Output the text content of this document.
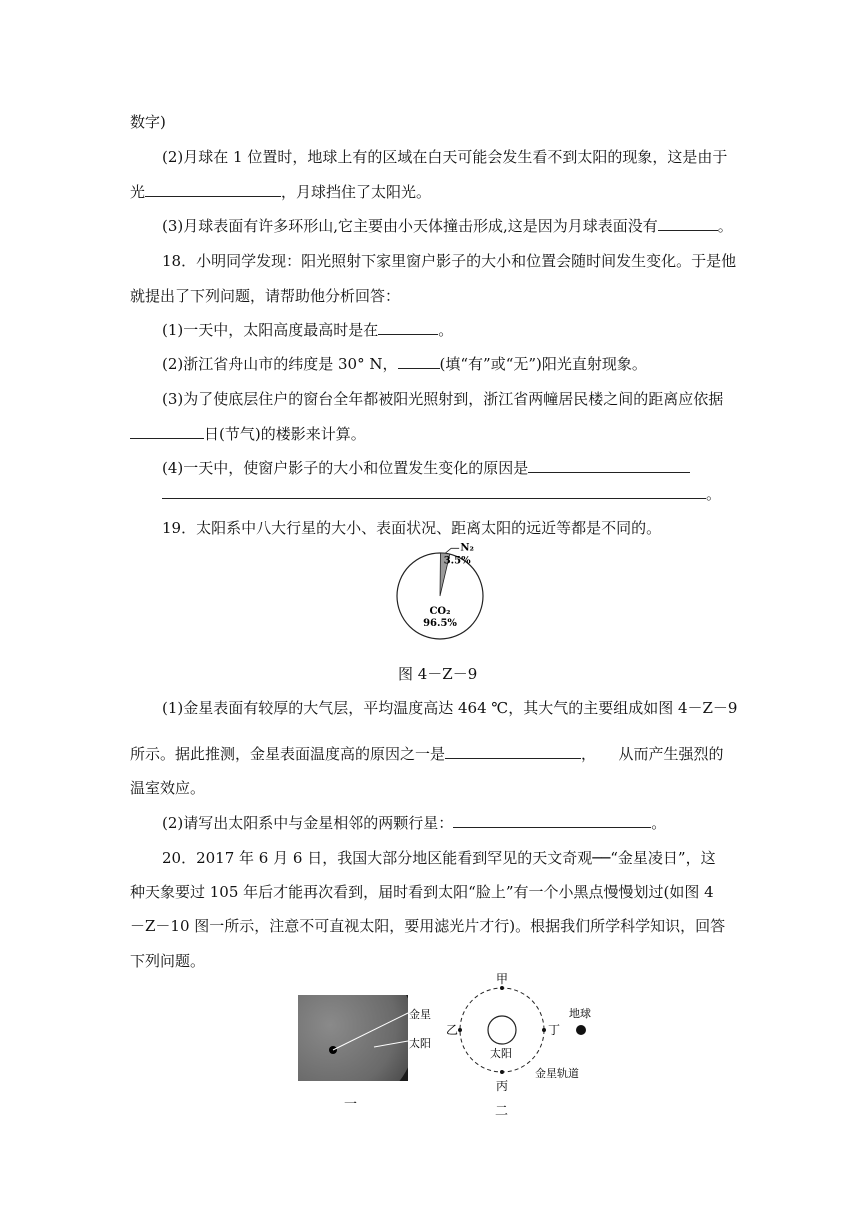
数字)
(2)月球在 1 位置时，地球上有的区域在白天可能会发生看不到太阳的现象，这是由于
光	，月球挡住了太阳光。
(3)月球表面有许多环形山,它主要由小天体撞击形成,这是因为月球表面没有	。
18．小明同学发现：阳光照射下家里窗户影子的大小和位置会随时间发生变化。于是他
就提出了下列问题，请帮助他分析回答：
(1)一天中，太阳高度最高时是在	。
(2)浙江省舟山市的纬度是 30° N，	(填“有”或“无”)阳光直射现象。
(3)为了使底层住户的窗台全年都被阳光照射到，浙江省两幢居民楼之间的距离应依据
日(节气)的楼影来计算。
(4)一天中，使窗户影子的大小和位置发生变化的原因是
。
19．太阳系中八大行星的大小、表面状况、距离太阳的远近等都是不同的。
N₂
3.5%
CO₂
96.5%
图 4－Z－9
(1)金星表面有较厚的大气层，平均温度高达 464 ℃，其大气的主要组成如图 4－Z－9
所示。据此推测，金星表面温度高的原因之一是	，　　从而产生强烈的
温室效应。
(2)请写出太阳系中与金星相邻的两颗行星：	。
20．2017 年 6 月 6 日，我国大部分地区能看到罕见的天文奇观──“金星凌日”，这
种天象要过 105 年后才能再次看到，届时看到太阳“脸上”有一个小黑点慢慢划过(如图 4
－Z－10 图一所示，注意不可直视太阳，要用滤光片才行)。根据我们所学科学知识，回答
下列问题。
金星
太阳
一
甲
乙
丙
丁
太阳
金星轨道
地球
二
